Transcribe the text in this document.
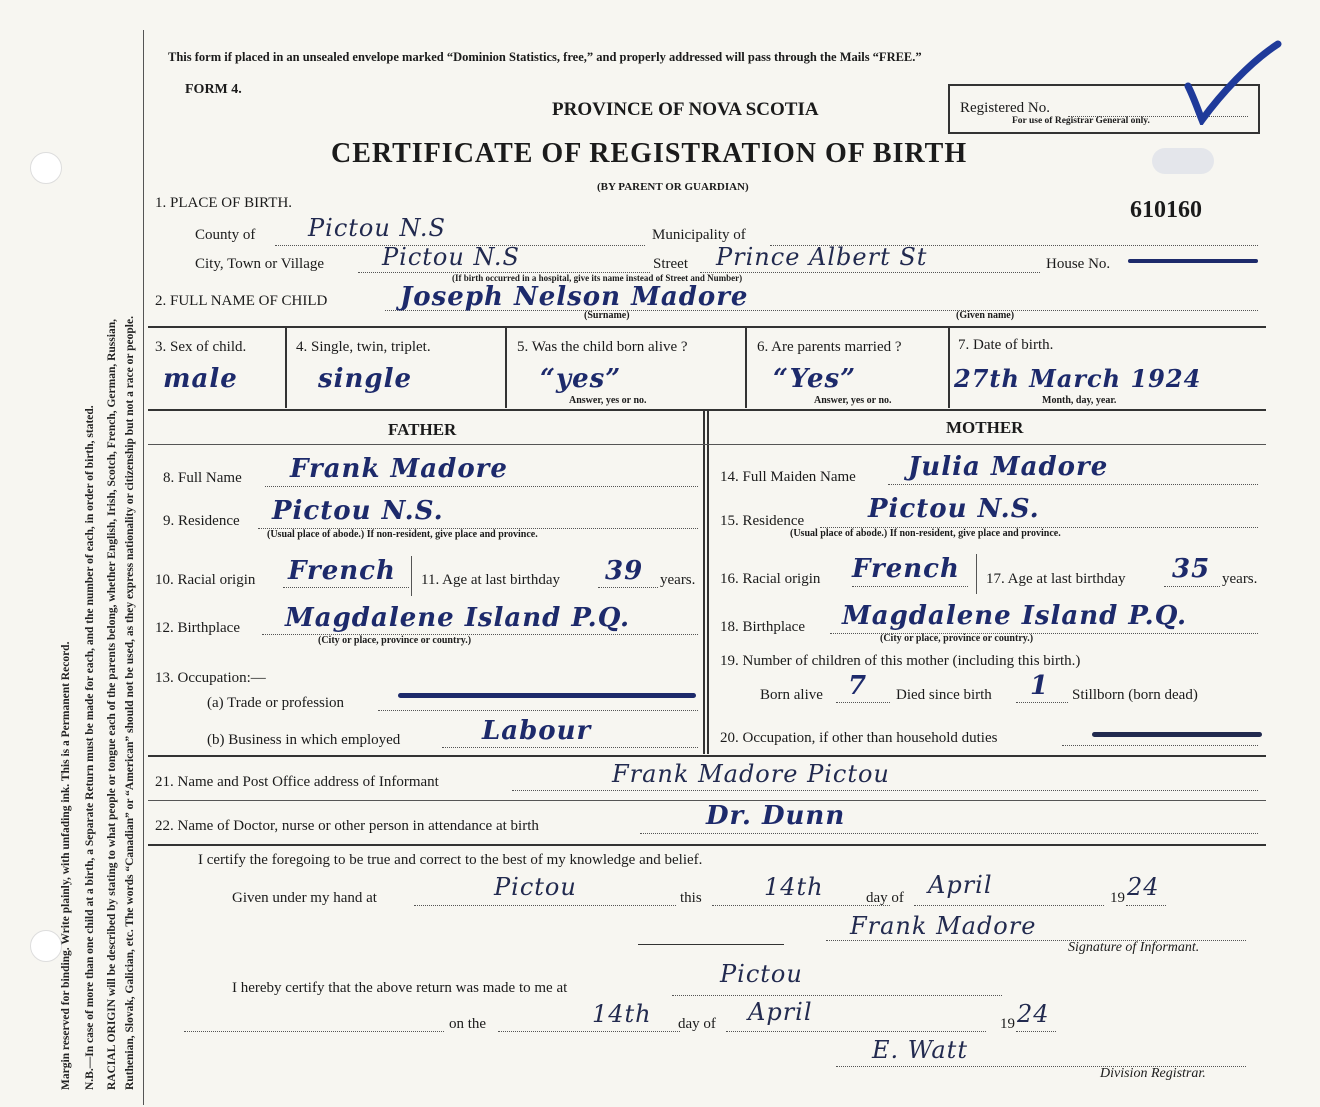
Margin reserved for binding. Write plainly, with unfading ink. This is a Permanent Record. N.B.—In case of more than one child at a birth, a Separate Return must be made for each, and the number of each, in order of birth, stated. RACIAL ORIGIN will be described by stating to what people or tongue each of the parents belong, whether English, Irish, Scotch, French, German, Russian, Ruthenian, Slovak, Galician, etc. The words “Canadian” or “American” should not be used, as they express nationality or citizenship but not a race or people.
This form if placed in an unsealed envelope marked “Dominion Statistics, free,” and properly addressed will pass through the Mails “FREE.”
FORM 4.
PROVINCE OF NOVA SCOTIA
CERTIFICATE OF REGISTRATION OF BIRTH
(BY PARENT OR GUARDIAN)
Registered No.
For use of Registrar General only.
610160
1. PLACE OF BIRTH.
County of Pictou N.S	Municipality of
City, Town or Village Pictou N.S	Street Prince Albert St	House No.
(If birth occurred in a hospital, give its name instead of Street and Number)
2. FULL NAME OF CHILD	Joseph Nelson Madore
(Surname)	(Given name)
3. Sex of child.
male
4. Single, twin, triplet.
single
5. Was the child born alive ?
“yes”
Answer, yes or no.
6. Are parents married ?
“Yes”
Answer, yes or no.
7. Date of birth.
27th March 1924
Month, day, year.
FATHER	MOTHER
8. Full Name Frank Madore
9. Residence Pictou N.S.
(Usual place of abode.) If non-resident, give place and province.
10. Racial origin French 11. Age at last birthday 39 years.
12. Birthplace Magdalene Island P.Q.
(City or place, province or country.)
13. Occupation:—
(a) Trade or profession
(b) Business in which employed	Labour
14. Full Maiden Name Julia Madore
15. Residence Pictou N.S.
(Usual place of abode.) If non-resident, give place and province.
16. Racial origin French 17. Age at last birthday 35 years.
18. Birthplace Magdalene Island P.Q.
(City or place, province or country.)
19. Number of children of this mother (including this birth.)
Born alive 7 Died since birth 1 Stillborn (born dead)
20. Occupation, if other than household duties
21. Name and Post Office address of Informant	Frank Madore Pictou
22. Name of Doctor, nurse or other person in attendance at birth	Dr. Dunn
I certify the foregoing to be true and correct to the best of my knowledge and belief.
Given under my hand at	Pictou	this	14th	day of April	19 24
Frank Madore
Signature of Informant.
I hereby certify that the above return was made to me at	Pictou
on the	14th day of April	19 24
E. Watt
Division Registrar.
